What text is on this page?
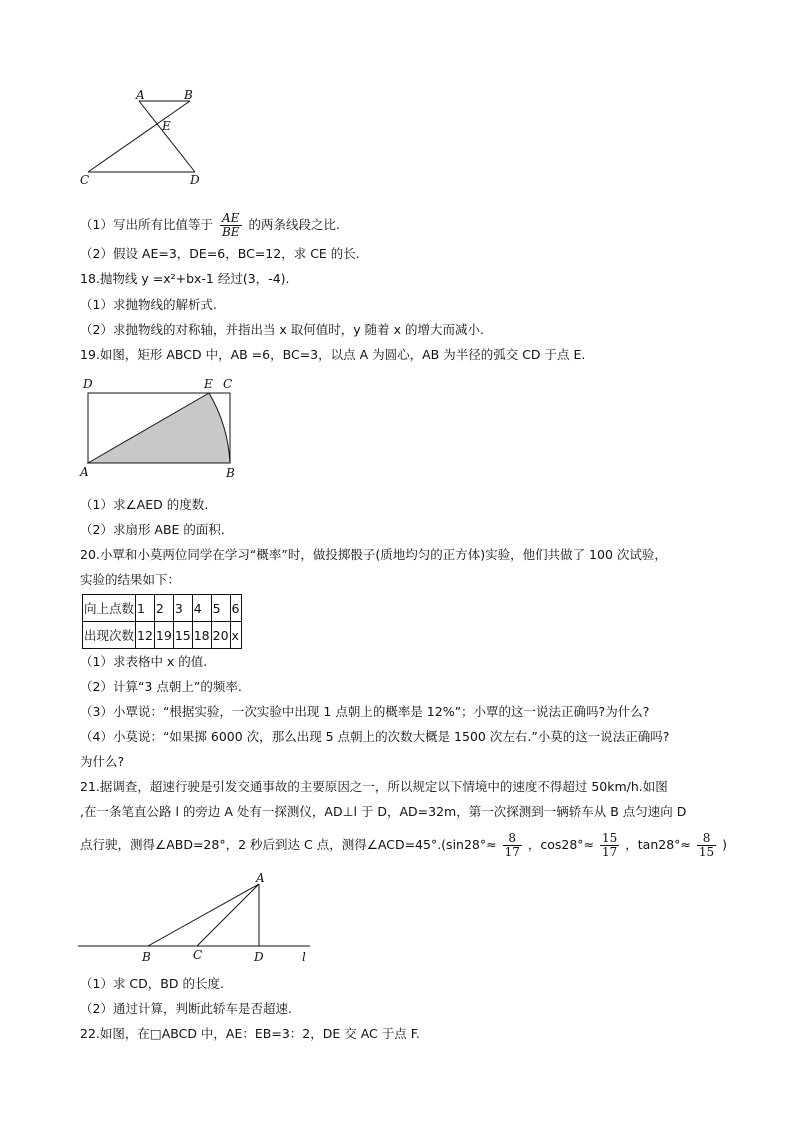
A	B
E
C	D
（1）写出所有比值等于 $\frac{AE}{BE}$ 的两条线段之比.
（2）假设 AE=3，DE=6，BC=12，求 CE 的长.
18.抛物线 y =x²+bx-1 经过(3，-4).
（1）求抛物线的解析式.
（2）求抛物线的对称轴，并指出当 x 取何值时，y 随着 x 的增大而减小.
19.如图，矩形 ABCD 中，AB =6，BC=3，以点 A 为圆心，AB 为半径的弧交 CD 于点 E.
D	E C
A	B
（1）求∠AED 的度数.
（2）求扇形 ABE 的面积.
20.小覃和小莫两位同学在学习“概率”时，做投掷骰子(质地均匀的正方体)实验，他们共做了 100 次试验，
实验的结果如下：
向上点数	1	2	3	4	5	6
出现次数	12	19	15	18	20	x
（1）求表格中 x 的值.
（2）计算“3 点朝上”的频率.
（3）小覃说：“根据实验，一次实验中出现 1 点朝上的概率是 12%”；小覃的这一说法正确吗?为什么?
（4）小莫说：“如果掷 6000 次，那么出现 5 点朝上的次数大概是 1500 次左右.”小莫的这一说法正确吗?
为什么?
21.据调查，超速行驶是引发交通事故的主要原因之一，所以规定以下情境中的速度不得超过 50km/h.如图
,在一条笔直公路 l 的旁边 A 处有一探测仪，AD⊥l 于 D，AD=32m，第一次探测到一辆轿车从 B 点匀速向 D
点行驶，测得∠ABD=28°，2 秒后到达 C 点，测得∠ACD=45°.(sin28°≈ $\frac{8}{17}$ ，$\cos 28^\circ\approx \frac{15}{17}$ ，$\tan 28^\circ\approx \frac{8}{15}$ )
A
B	C	D	l
（1）求 CD，BD 的长度.
（2）通过计算，判断此轿车是否超速.
22.如图，在□ABCD 中，AE：EB=3：2，DE 交 AC 于点 F.
